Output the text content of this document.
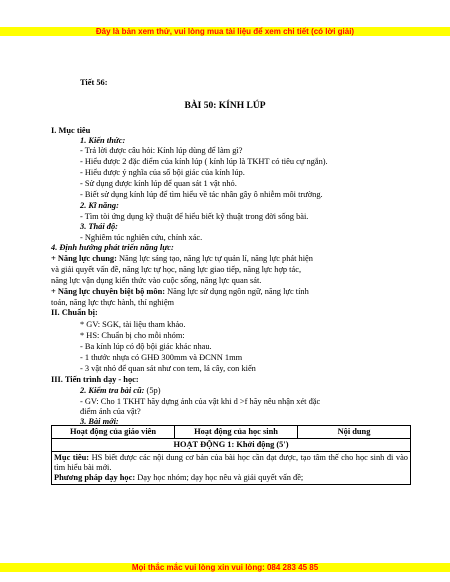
Đây là bản xem thử, vui lòng mua tài liệu để xem chi tiết (có lời giải)
Tiết 56:
BÀI 50: KÍNH LÚP
I. Mục tiêu
1. Kiến thức:
- Trả lời được câu hỏi: Kính lúp dùng để làm gì?
- Hiểu được 2 đặc điểm của kính lúp ( kính lúp là TKHT có tiêu cự ngắn).
- Hiểu được ý nghĩa của số bội giác của kính lúp.
- Sử dụng được kính lúp để quan sát 1 vật nhỏ.
- Biết sử dụng kính lúp để tìm hiểu về tác nhân gây ô nhiễm môi trường.
2. Kĩ năng:
- Tìm tòi ứng dụng kỹ thuật để hiểu biết kỹ thuật trong đời sống bài.
3. Thái độ:
- Nghiêm túc nghiên cứu, chính xác.
4. Định hướng phát triển năng lực:
+ Năng lực chung: Năng lực sáng tạo, năng lực tự quản lí, năng lực phát hiện
và giải quyết vấn đề, năng lực tự học, năng lực giao tiếp, năng lực hợp tác,
năng lực vận dụng kiến thức vào cuộc sống, năng lực quan sát.
+ Năng lực chuyên biệt bộ môn: Năng lực sử dụng ngôn ngữ, năng lực tính
toán, năng lực thực hành, thí nghiệm
II. Chuẩn bị:
* GV: SGK, tài liệu tham khảo.
* HS: Chuẩn bị cho mỗi nhóm:
- Ba kính lúp có độ bội giác khác nhau.
- 1 thước nhựa có GHĐ 300mm và ĐCNN 1mm
- 3 vật nhỏ để quan sát như con tem, lá cây, con kiến
III. Tiến trình dạy - học:
2. Kiểm tra bài cũ: (5p)
- GV: Cho 1 TKHT hãy dựng ảnh của vật khi d >f hãy nêu nhận xét đặc
điểm ảnh của vật?
3. Bài mới:
Hoạt động của giáo viên	Hoạt động của học sinh	Nội dung
HOẠT ĐỘNG 1: Khởi động (5')
Mục tiêu: HS biết được các nội dung cơ bản của bài học cần đạt được, tạo tâm thế cho học sinh đi vào tìm hiểu bài mới.
Phương pháp dạy học: Dạy học nhóm; dạy học nêu và giải quyết vấn đề;
Mọi thắc mắc vui lòng xin vui lòng: 084 283 45 85
